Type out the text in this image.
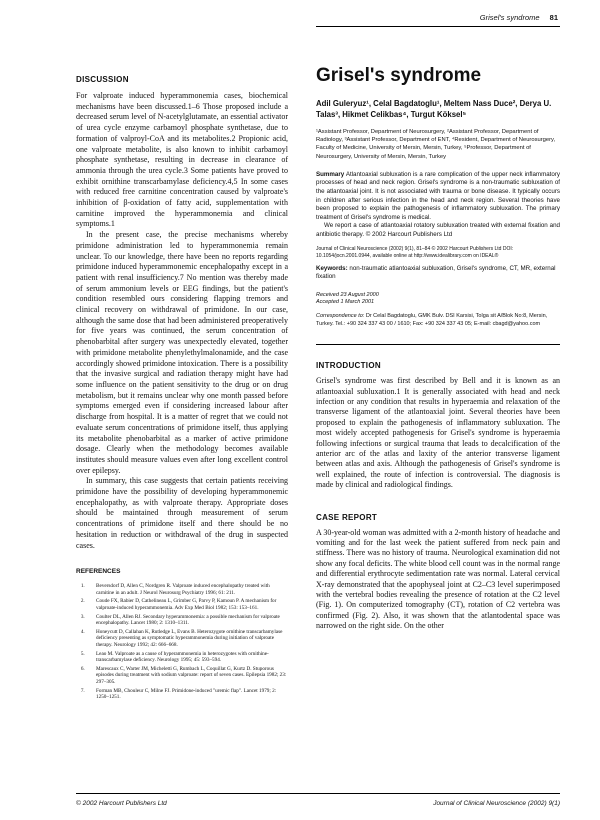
Grisel's syndrome 81
DISCUSSION

For valproate induced hyperammonemia cases, biochemical mechanisms have been discussed.1–6 Those proposed include a decreased serum level of N-acetylglutamate, an essential activator of urea cycle enzyme carbamoyl phosphate synthetase, due to formation of valproyl-CoA and its metabolites.2 Propionic acid, one valproate metabolite, is also known to inhibit carbamoyl phosphate synthetase, resulting in decrease in clearance of ammonia through the urea cycle.3 Some patients have proved to exhibit ornithine transcarbamylase deficiency.4,5 In some cases with reduced free carnitine concentration caused by valproate's inhibition of β-oxidation of fatty acid, supplementation with carnitine improved the hyperammonemia and clinical symptoms.1

In the present case, the precise mechanisms whereby primidone administration led to hyperammonemia remain unclear. To our knowledge, there have been no reports regarding primidone induced hyperammonemic encephalopathy except in a patient with renal insufficiency.7 No mention was thereby made of serum ammonium levels or EEG findings, but the patient's condition resembled ours considering flapping tremors and clinical recovery on withdrawal of primidone. In our case, although the same dose that had been administered preoperatively for five years was continued, the serum concentration of phenobarbital after surgery was unexpectedly elevated, together with primidone metabolite phenylethylmalonamide, and the case accordingly showed primidone intoxication. There is a possibility that the invasive surgical and radiation therapy might have had some influence on the patient sensitivity to the drug or on drug metabolism, but it remains unclear why one month passed before symptoms emerged even if considering increased labour after discharge from hospital. It is a matter of regret that we could not evaluate serum concentrations of primidone itself, thus applying its metabolite phenobarbital as a marker of active primidone dosage. Clearly when the methodology becomes available institutes should measure values even after long excellent control over epilepsy.

In summary, this case suggests that certain patients receiving primidone have the possibility of developing hyperammonemic encephalopathy, as with valproate therapy. Appropriate doses should be maintained through measurement of serum concentrations of primidone itself and there should be no hesitation in reduction or withdrawal of the drug in suspected cases.

REFERENCES
1. Beversdorf D, Allen C, Nordgren R. Valproate induced encephalopathy treated with carnitine in an adult. J Neurol Neurosurg Psychiatry 1996; 61: 211.
2. Coude FX, Rabier D, Cathelineau L, Grimber G, Parvy P, Kamoun P. A mechanism for valproate-induced hyperammonemia. Adv Exp Med Biol 1982; 153: 153–161.
3. Coulter DL, Allen RJ. Secondary hyperammonemia: a possible mechanism for valproate encephalopathy. Lancet 1980; 2: 1310–1311.
4. Honeycutt D, Callahan K, Rutledge L, Evans B. Heterozygote ornithine transcarbamylase deficiency presenting as symptomatic hyperammonemia during initiation of valproate therapy. Neurology 1992; 42: 666–668.
5. Leao M. Valproate as a cause of hyperammonemia in heterozygotes with ornithine-transcarbamylase deficiency. Neurology 1995; 45: 593–594.
6. Marescaux C, Warter JM, Micheletti G, Rumbach L, Coquillat G, Kurtz D. Stuporous episodes during treatment with sodium valproate: report of seven cases. Epilepsia 1982; 23: 297–305.
7. Forman MB, Chouleur C, Milne FJ. Primidone-induced "uremic flap". Lancet 1979; 2: 1250–1251.
Grisel's syndrome

Adil Guleryuz¹, Celal Bagdatoglu¹, Meltem Nass Duce², Derya U. Talas³, Hikmet Celikbas⁴, Turgut Köksel⁵

¹Assistant Professor, Department of Neurosurgery, ²Assistant Professor, Department of Radiology, ³Assistant Professor, Department of ENT, ⁴Resident, Department of Neurosurgery, Faculty of Medicine, University of Mersin, Mersin, Turkey, ⁵Professor, Department of Neurosurgery, University of Mersin, Mersin, Turkey

Summary Atlantoaxial subluxation is a rare complication of the upper neck inflammatory processes of head and neck region. Grisel's syndrome is a non-traumatic subluxation of the atlantoaxial joint. It is not associated with trauma or bone disease. It typically occurs in children after serious infection in the head and neck region. Several theories have been proposed to explain the pathogenesis of inflammatory subluxation. The primary treatment of Grisel's syndrome is medical.

We report a case of atlantoaxial rotatory subluxation treated with external fixation and antibiotic therapy. © 2002 Harcourt Publishers Ltd

Journal of Clinical Neuroscience (2002) 9(1), 81–84 © 2002 Harcourt Publishers Ltd DOI: 10.1054/jocn.2001.0944, available online at http://www.idealibrary.com on IDEAL®

Keywords: non-traumatic atlantoaxial subluxation, Grisel's syndrome, CT, MR, external fixation

Received 23 August 2000
Accepted 1 March 2001

Correspondence to: Dr Celal Bagdatoglu, GMK Bulv. DSI Karsisi, Tolga sit A/Blok No:8, Mersin, Turkey. Tel.: +90 324 337 43 00 / 1610; Fax: +90 324 337 43 05; E-mail: cbagd@yahoo.com

INTRODUCTION

Grisel's syndrome was first described by Bell and it is known as an atlantoaxial subluxation.1 It is generally associated with head and neck infection or any condition that results in hyperaemia and relaxation of the transverse ligament of the atlantoaxial joint. Several theories have been proposed to explain the pathogenesis of inflammatory subluxation. The most widely accepted pathogenesis for Grisel's syndrome is hyperaemia following infections or surgical trauma that leads to decalcification of the anterior arc of the atlas and laxity of the anterior transverse ligament between atlas and axis. Although the pathogenesis of Grisel's syndrome is well explained, the route of infection is controversial. The diagnosis is made by clinical and radiological findings.

CASE REPORT

A 30-year-old woman was admitted with a 2-month history of headache and vomiting and for the last week the patient suffered from neck pain and stiffness. There was no history of trauma. Neurological examination did not show any focal deficits. The white blood cell count was in the normal range and differential erythrocyte sedimentation rate was normal. Lateral cervical X-ray demonstrated that the apophyseal joint at C2–C3 level superimposed with the vertebral bodies revealing the presence of rotation at the C2 level (Fig. 1). On computerized tomography (CT), rotation of C2 vertebra was confirmed (Fig. 2). Also, it was shown that the atlantodental space was narrowed on the right side. On the other

© 2002 Harcourt Publishers Ltd	Journal of Clinical Neuroscience (2002) 9(1)
